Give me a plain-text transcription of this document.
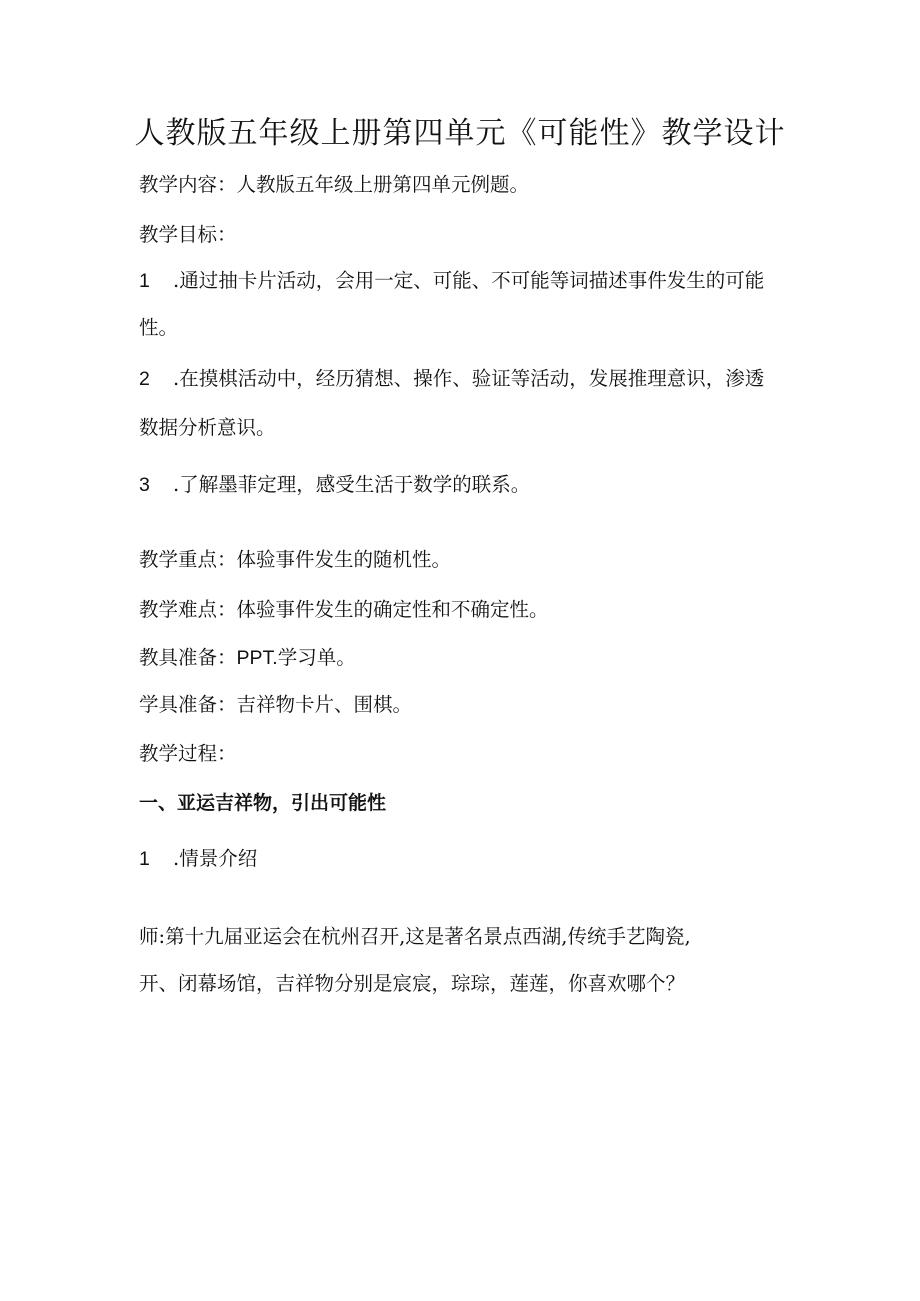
人教版五年级上册第四单元《可能性》教学设计
教学内容：人教版五年级上册第四单元例题。
教学目标：
1 .通过抽卡片活动，会用一定、可能、不可能等词描述事件发生的可能
性。
2 .在摸棋活动中，经历猜想、操作、验证等活动，发展推理意识，渗透
数据分析意识。
3 .了解墨菲定理，感受生活于数学的联系。
教学重点：体验事件发生的随机性。
教学难点：体验事件发生的确定性和不确定性。
教具准备：PPT.学习单。
学具准备：吉祥物卡片、围棋。
教学过程：
一、亚运吉祥物，引出可能性
1 .情景介绍
师:第十九届亚运会在杭州召开,这是著名景点西湖,传统手艺陶瓷,
开、闭幕场馆，吉祥物分别是宸宸，琮琮，莲莲，你喜欢哪个？
